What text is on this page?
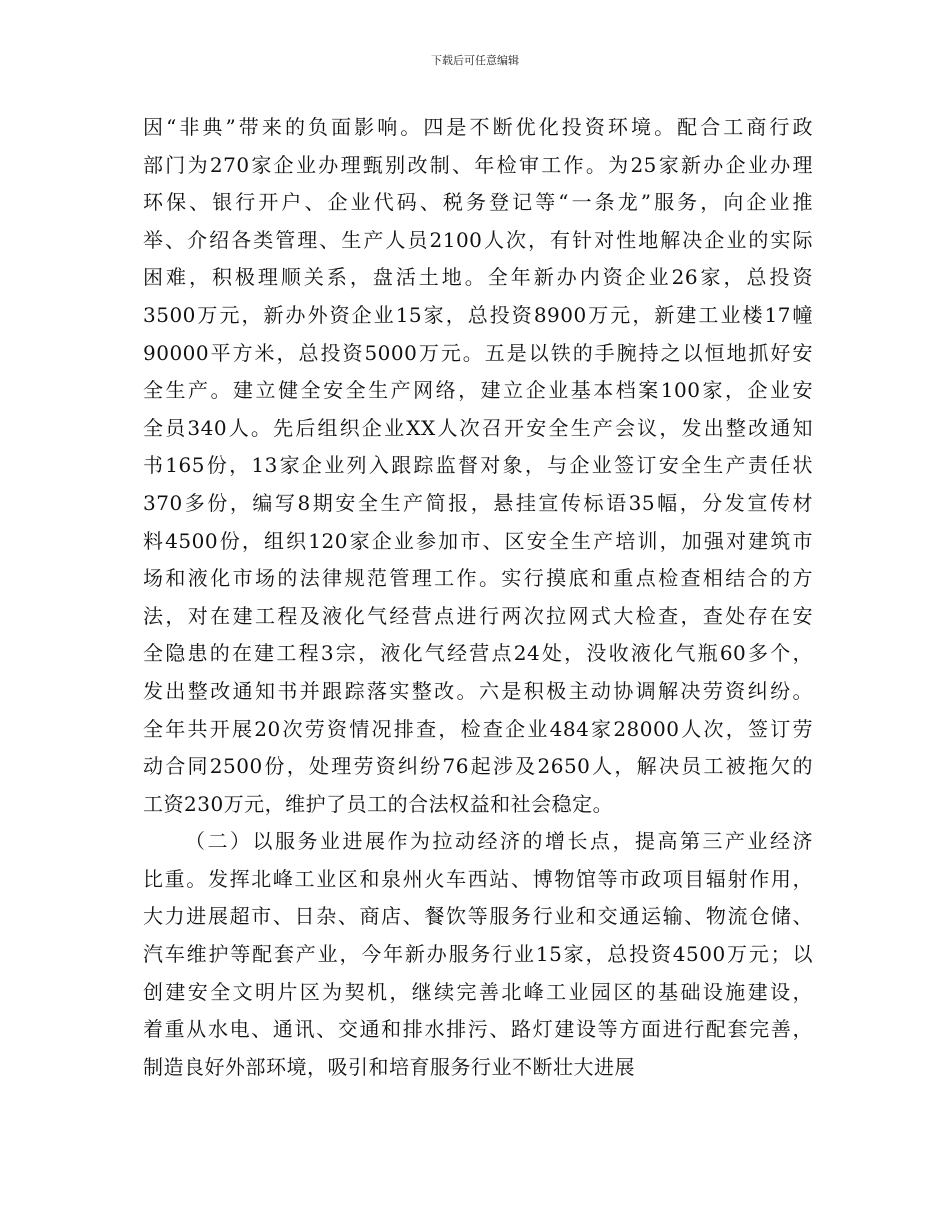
下载后可任意编辑
因“非典”带来的负面影响。四是不断优化投资环境。配合工商行政
部门为270家企业办理甄别改制、年检审工作。为25家新办企业办理
环保、银行开户、企业代码、税务登记等“一条龙”服务，向企业推
举、介绍各类管理、生产人员2100人次，有针对性地解决企业的实际
困难，积极理顺关系，盘活土地。全年新办内资企业26家，总投资
3500万元，新办外资企业15家，总投资8900万元，新建工业楼17幢
90000平方米，总投资5000万元。五是以铁的手腕持之以恒地抓好安
全生产。建立健全安全生产网络，建立企业基本档案100家，企业安
全员340人。先后组织企业XX人次召开安全生产会议，发出整改通知
书165份，13家企业列入跟踪监督对象，与企业签订安全生产责任状
370多份，编写8期安全生产简报，悬挂宣传标语35幅，分发宣传材
料4500份，组织120家企业参加市、区安全生产培训，加强对建筑市
场和液化市场的法律规范管理工作。实行摸底和重点检查相结合的方
法，对在建工程及液化气经营点进行两次拉网式大检查，查处存在安
全隐患的在建工程3宗，液化气经营点24处，没收液化气瓶60多个，
发出整改通知书并跟踪落实整改。六是积极主动协调解决劳资纠纷。
全年共开展20次劳资情况排查，检查企业484家28000人次，签订劳
动合同2500份，处理劳资纠纷76起涉及2650人，解决员工被拖欠的
工资230万元，维护了员工的合法权益和社会稳定。
（二）以服务业进展作为拉动经济的增长点，提高第三产业经济
比重。发挥北峰工业区和泉州火车西站、博物馆等市政项目辐射作用，
大力进展超市、日杂、商店、餐饮等服务行业和交通运输、物流仓储、
汽车维护等配套产业，今年新办服务行业15家，总投资4500万元；以
创建安全文明片区为契机，继续完善北峰工业园区的基础设施建设，
着重从水电、通讯、交通和排水排污、路灯建设等方面进行配套完善，
制造良好外部环境，吸引和培育服务行业不断壮大进展
